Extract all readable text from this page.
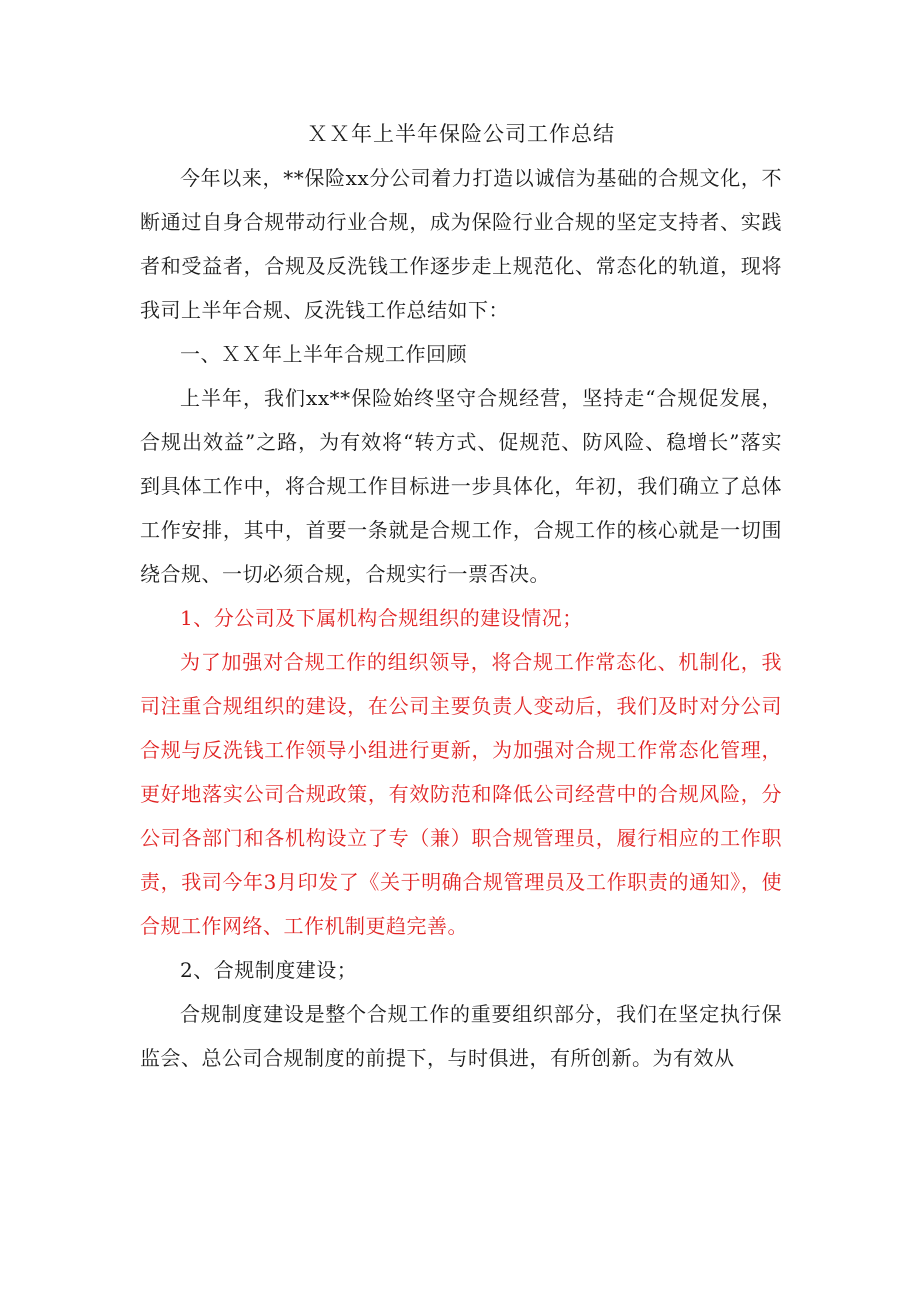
ＸＸ年上半年保险公司工作总结

今年以来，**保险xx分公司着力打造以诚信为基础的合规文化，不断通过自身合规带动行业合规，成为保险行业合规的坚定支持者、实践者和受益者，合规及反洗钱工作逐步走上规范化、常态化的轨道，现将我司上半年合规、反洗钱工作总结如下：

一、ＸＸ年上半年合规工作回顾

上半年，我们xx**保险始终坚守合规经营，坚持走“合规促发展，合规出效益”之路，为有效将“转方式、促规范、防风险、稳增长”落实到具体工作中，将合规工作目标进一步具体化，年初，我们确立了总体工作安排，其中，首要一条就是合规工作，合规工作的核心就是一切围绕合规、一切必须合规，合规实行一票否决。

1、分公司及下属机构合规组织的建设情况；

为了加强对合规工作的组织领导，将合规工作常态化、机制化，我司注重合规组织的建设，在公司主要负责人变动后，我们及时对分公司合规与反洗钱工作领导小组进行更新，为加强对合规工作常态化管理，更好地落实公司合规政策，有效防范和降低公司经营中的合规风险，分公司各部门和各机构设立了专（兼）职合规管理员，履行相应的工作职责，我司今年3月印发了《关于明确合规管理员及工作职责的通知》，使合规工作网络、工作机制更趋完善。

2、合规制度建设；

合规制度建设是整个合规工作的重要组织部分，我们在坚定执行保监会、总公司合规制度的前提下，与时俱进，有所创新。为有效从
